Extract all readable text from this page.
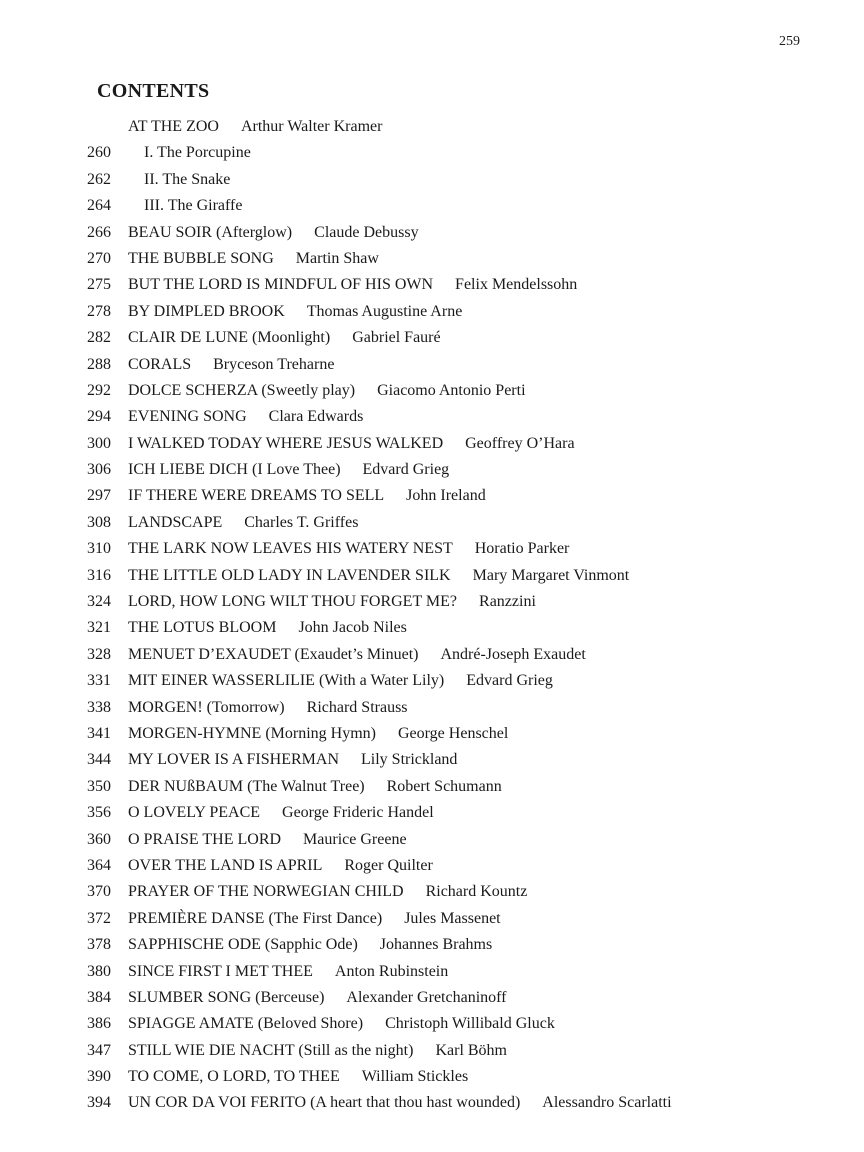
259
CONTENTS
AT THE ZOO Arthur Walter Kramer
260	I. The Porcupine
262	II. The Snake
264	III. The Giraffe
266	BEAU SOIR (Afterglow) Claude Debussy
270	THE BUBBLE SONG Martin Shaw
275	BUT THE LORD IS MINDFUL OF HIS OWN Felix Mendelssohn
278	BY DIMPLED BROOK Thomas Augustine Arne
282	CLAIR DE LUNE (Moonlight) Gabriel Fauré
288	CORALS Bryceson Treharne
292	DOLCE SCHERZA (Sweetly play) Giacomo Antonio Perti
294	EVENING SONG Clara Edwards
300	I WALKED TODAY WHERE JESUS WALKED Geoffrey O’Hara
306	ICH LIEBE DICH (I Love Thee) Edvard Grieg
297	IF THERE WERE DREAMS TO SELL John Ireland
308	LANDSCAPE Charles T. Griffes
310	THE LARK NOW LEAVES HIS WATERY NEST Horatio Parker
316	THE LITTLE OLD LADY IN LAVENDER SILK Mary Margaret Vinmont
324	LORD, HOW LONG WILT THOU FORGET ME? Ranzzini
321	THE LOTUS BLOOM John Jacob Niles
328	MENUET D’EXAUDET (Exaudet’s Minuet) André-Joseph Exaudet
331	MIT EINER WASSERLILIE (With a Water Lily) Edvard Grieg
338	MORGEN! (Tomorrow) Richard Strauss
341	MORGEN-HYMNE (Morning Hymn) George Henschel
344	MY LOVER IS A FISHERMAN Lily Strickland
350	DER NUßBAUM (The Walnut Tree) Robert Schumann
356	O LOVELY PEACE George Frideric Handel
360	O PRAISE THE LORD Maurice Greene
364	OVER THE LAND IS APRIL Roger Quilter
370	PRAYER OF THE NORWEGIAN CHILD Richard Kountz
372	PREMIÈRE DANSE (The First Dance) Jules Massenet
378	SAPPHISCHE ODE (Sapphic Ode) Johannes Brahms
380	SINCE FIRST I MET THEE Anton Rubinstein
384	SLUMBER SONG (Berceuse) Alexander Gretchaninoff
386	SPIAGGE AMATE (Beloved Shore) Christoph Willibald Gluck
347	STILL WIE DIE NACHT (Still as the night) Karl Böhm
390	TO COME, O LORD, TO THEE William Stickles
394	UN COR DA VOI FERITO (A heart that thou hast wounded) Alessandro Scarlatti
